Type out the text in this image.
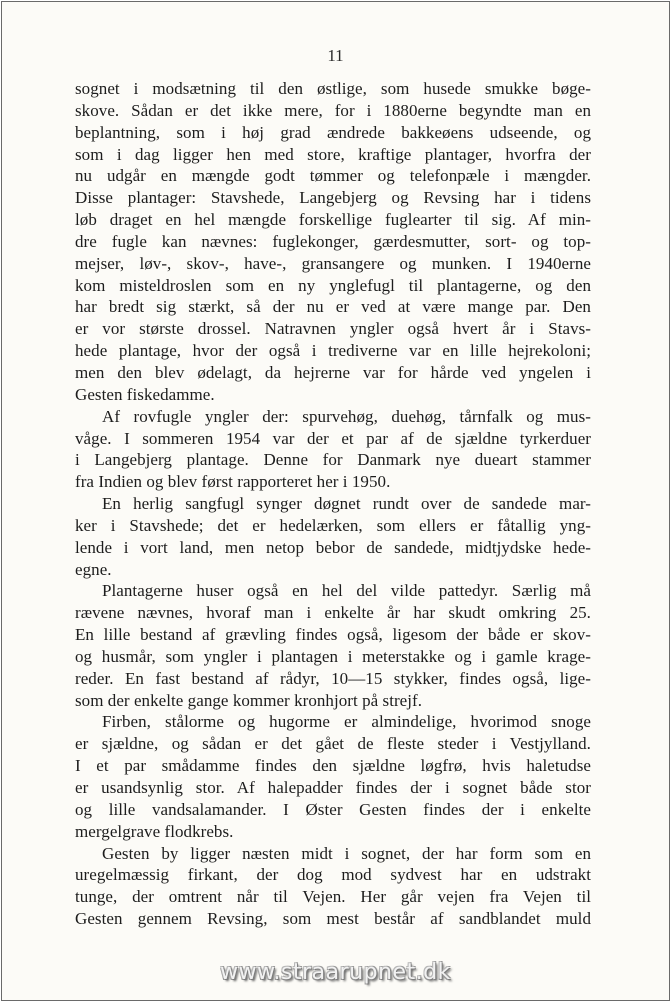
11
sognet i modsætning til den østlige, som husede smukke bøge-
skove. Sådan er det ikke mere, for i 1880erne begyndte man en
beplantning, som i høj grad ændrede bakkeøens udseende, og
som i dag ligger hen med store, kraftige plantager, hvorfra der
nu udgår en mængde godt tømmer og telefonpæle i mængder.
Disse plantager: Stavshede, Langebjerg og Revsing har i tidens
løb draget en hel mængde forskellige fuglearter til sig. Af min-
dre fugle kan nævnes: fuglekonger, gærdesmutter, sort- og top-
mejser, løv-, skov-, have-, gransangere og munken. I 1940erne
kom misteldroslen som en ny ynglefugl til plantagerne, og den
har bredt sig stærkt, så der nu er ved at være mange par. Den
er vor største drossel. Natravnen yngler også hvert år i Stavs-
hede plantage, hvor der også i trediverne var en lille hejrekoloni;
men den blev ødelagt, da hejrerne var for hårde ved yngelen i
Gesten fiskedamme.
Af rovfugle yngler der: spurvehøg, duehøg, tårnfalk og mus-
våge. I sommeren 1954 var der et par af de sjældne tyrkerduer
i Langebjerg plantage. Denne for Danmark nye dueart stammer
fra Indien og blev først rapporteret her i 1950.
En herlig sangfugl synger døgnet rundt over de sandede mar-
ker i Stavshede; det er hedelærken, som ellers er fåtallig yng-
lende i vort land, men netop bebor de sandede, midtjydske hede-
egne.
Plantagerne huser også en hel del vilde pattedyr. Særlig må
rævene nævnes, hvoraf man i enkelte år har skudt omkring 25.
En lille bestand af grævling findes også, ligesom der både er skov-
og husmår, som yngler i plantagen i meterstakke og i gamle krage-
reder. En fast bestand af rådyr, 10—15 stykker, findes også, lige-
som der enkelte gange kommer kronhjort på strejf.
Firben, stålorme og hugorme er almindelige, hvorimod snoge
er sjældne, og sådan er det gået de fleste steder i Vestjylland.
I et par smådamme findes den sjældne løgfrø, hvis haletudse
er usandsynlig stor. Af halepadder findes der i sognet både stor
og lille vandsalamander. I Øster Gesten findes der i enkelte
mergelgrave flodkrebs.
Gesten by ligger næsten midt i sognet, der har form som en
uregelmæssig firkant, der dog mod sydvest har en udstrakt
tunge, der omtrent når til Vejen. Her går vejen fra Vejen til
Gesten gennem Revsing, som mest består af sandblandet muld
www.straarupnet.dk
